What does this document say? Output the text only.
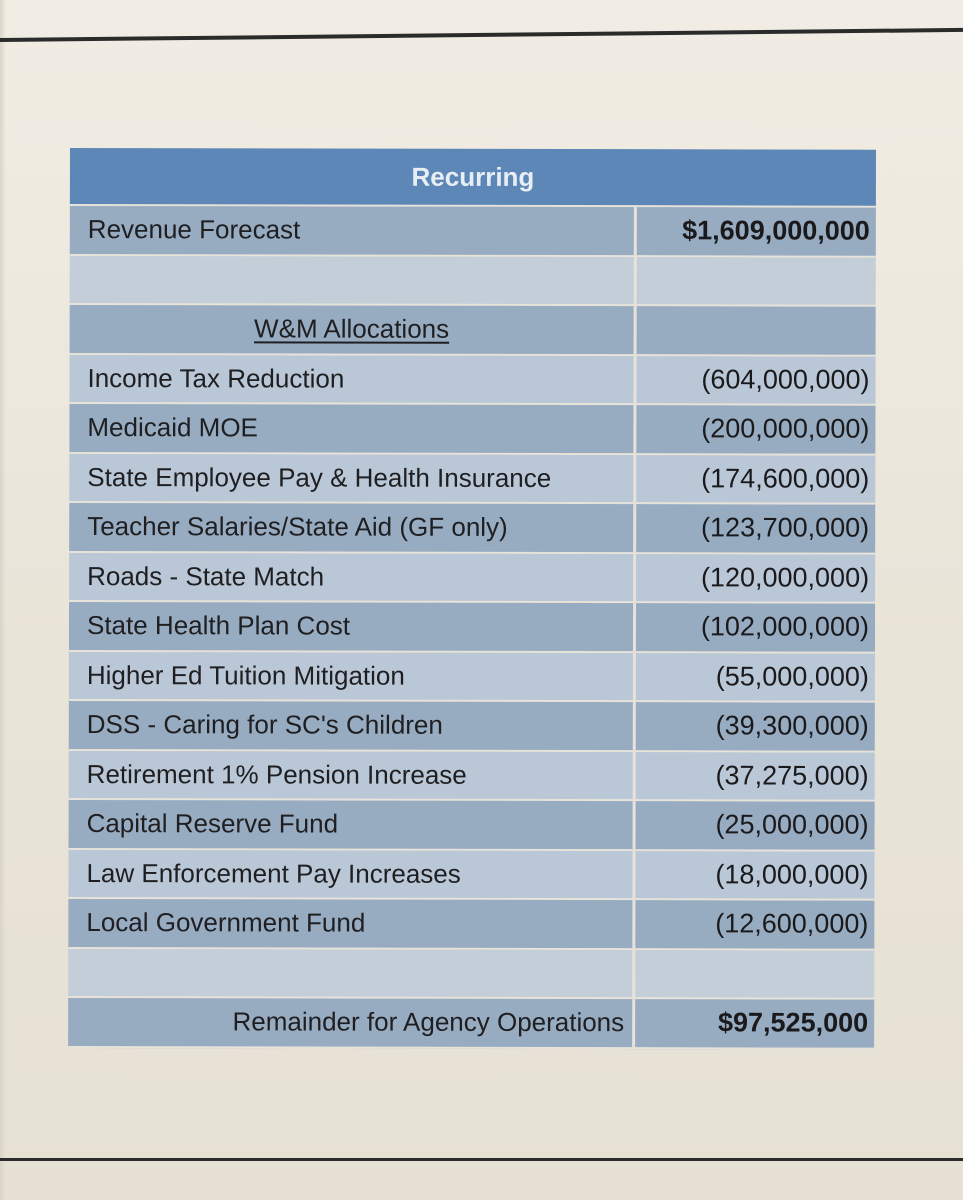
Recurring
Revenue Forecast	$1,609,000,000
W&M Allocations
Income Tax Reduction	(604,000,000)
Medicaid MOE	(200,000,000)
State Employee Pay & Health Insurance	(174,600,000)
Teacher Salaries/State Aid (GF only)	(123,700,000)
Roads - State Match	(120,000,000)
State Health Plan Cost	(102,000,000)
Higher Ed Tuition Mitigation	(55,000,000)
DSS - Caring for SC's Children	(39,300,000)
Retirement 1% Pension Increase	(37,275,000)
Capital Reserve Fund	(25,000,000)
Law Enforcement Pay Increases	(18,000,000)
Local Government Fund	(12,600,000)
Remainder for Agency Operations	$97,525,000
